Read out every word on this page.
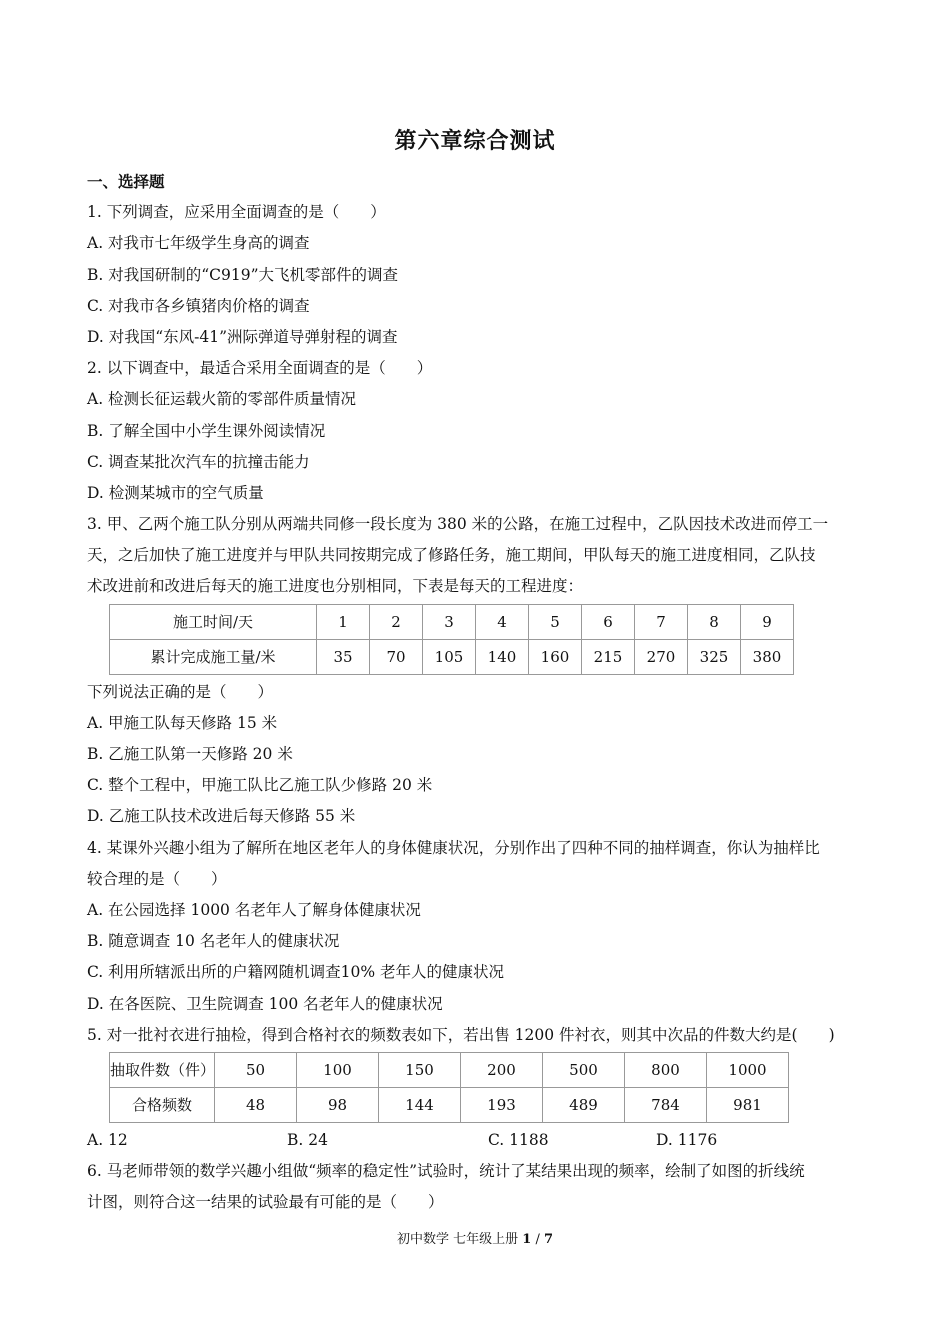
第六章综合测试
一、选择题
1. 下列调查，应采用全面调查的是（　　）
A. 对我市七年级学生身高的调查
B. 对我国研制的“C919”大飞机零部件的调查
C. 对我市各乡镇猪肉价格的调查
D. 对我国“东风-41”洲际弹道导弹射程的调查
2. 以下调查中，最适合采用全面调查的是（　　）
A. 检测长征运载火箭的零部件质量情况
B. 了解全国中小学生课外阅读情况
C. 调查某批次汽车的抗撞击能力
D. 检测某城市的空气质量
3. 甲、乙两个施工队分别从两端共同修一段长度为 380 米的公路，在施工过程中，乙队因技术改进而停工一
天，之后加快了施工进度并与甲队共同按期完成了修路任务，施工期间，甲队每天的施工进度相同，乙队技
术改进前和改进后每天的施工进度也分别相同，下表是每天的工程进度：
施工时间/天	1	2	3	4	5	6	7	8	9
累计完成施工量/米	35	70	105	140	160	215	270	325	380
下列说法正确的是（　　）
A. 甲施工队每天修路 15 米
B. 乙施工队第一天修路 20 米
C. 整个工程中，甲施工队比乙施工队少修路 20 米
D. 乙施工队技术改进后每天修路 55 米
4. 某课外兴趣小组为了解所在地区老年人的身体健康状况，分别作出了四种不同的抽样调查，你认为抽样比
较合理的是（　　）
A. 在公园选择 1000 名老年人了解身体健康状况
B. 随意调查 10 名老年人的健康状况
C. 利用所辖派出所的户籍网随机调查10% 老年人的健康状况
D. 在各医院、卫生院调查 100 名老年人的健康状况
5. 对一批衬衣进行抽检，得到合格衬衣的频数表如下，若出售 1200 件衬衣，则其中次品的件数大约是(　　)
抽取件数（件）	50	100	150	200	500	800	1000
合格频数	48	98	144	193	489	784	981
A. 12	B. 24	C. 1188	D. 1176
6. 马老师带领的数学兴趣小组做“频率的稳定性”试验时，统计了某结果出现的频率，绘制了如图的折线统
计图，则符合这一结果的试验最有可能的是（　　）
初中数学 七年级上册 1 / 7
